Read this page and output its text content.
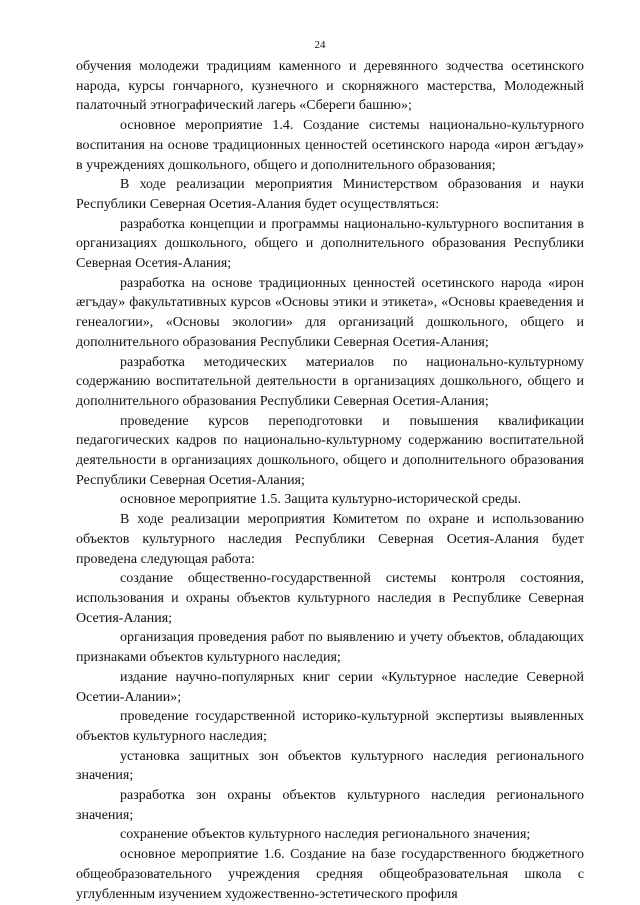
24

обучения молодежи традициям каменного и деревянного зодчества осетинского народа, курсы гончарного, кузнечного и скорняжного мастерства, Молодежный палаточный этнографический лагерь «Сбереги башню»;

основное мероприятие 1.4. Создание системы национально-культурного воспитания на основе традиционных ценностей осетинского народа «ирон ӕгъдау» в учреждениях дошкольного, общего и дополнительного образования;

В ходе реализации мероприятия Министерством образования и науки Республики Северная Осетия-Алания будет осуществляться:

разработка концепции и программы национально-культурного воспитания в организациях дошкольного, общего и дополнительного образования Республики Северная Осетия-Алания;

разработка на основе традиционных ценностей осетинского народа «ирон ӕгъдау» факультативных курсов «Основы этики и этикета», «Основы краеведения и генеалогии», «Основы экологии» для организаций дошкольного, общего и дополнительного образования Республики Северная Осетия-Алания;

разработка методических материалов по национально-культурному содержанию воспитательной деятельности в организациях дошкольного, общего и дополнительного образования Республики Северная Осетия-Алания;

проведение курсов переподготовки и повышения квалификации педагогических кадров по национально-культурному содержанию воспитательной деятельности в организациях дошкольного, общего и дополнительного образования Республики Северная Осетия-Алания;

основное мероприятие 1.5. Защита культурно-исторической среды.

В ходе реализации мероприятия Комитетом по охране и использованию объектов культурного наследия Республики Северная Осетия-Алания будет проведена следующая работа:

создание общественно-государственной системы контроля состояния, использования и охраны объектов культурного наследия в Республике Северная Осетия-Алания;

организация проведения работ по выявлению и учету объектов, обладающих признаками объектов культурного наследия;

издание научно-популярных книг серии «Культурное наследие Северной Осетии-Алании»;

проведение государственной историко-культурной экспертизы выявленных объектов культурного наследия;

установка защитных зон объектов культурного наследия регионального значения;

разработка зон охраны объектов культурного наследия регионального значения;

сохранение объектов культурного наследия регионального значения;

основное мероприятие 1.6. Создание на базе государственного бюджетного общеобразовательного учреждения средняя общеобразовательная школа с углубленным изучением художественно-эстетического профиля
